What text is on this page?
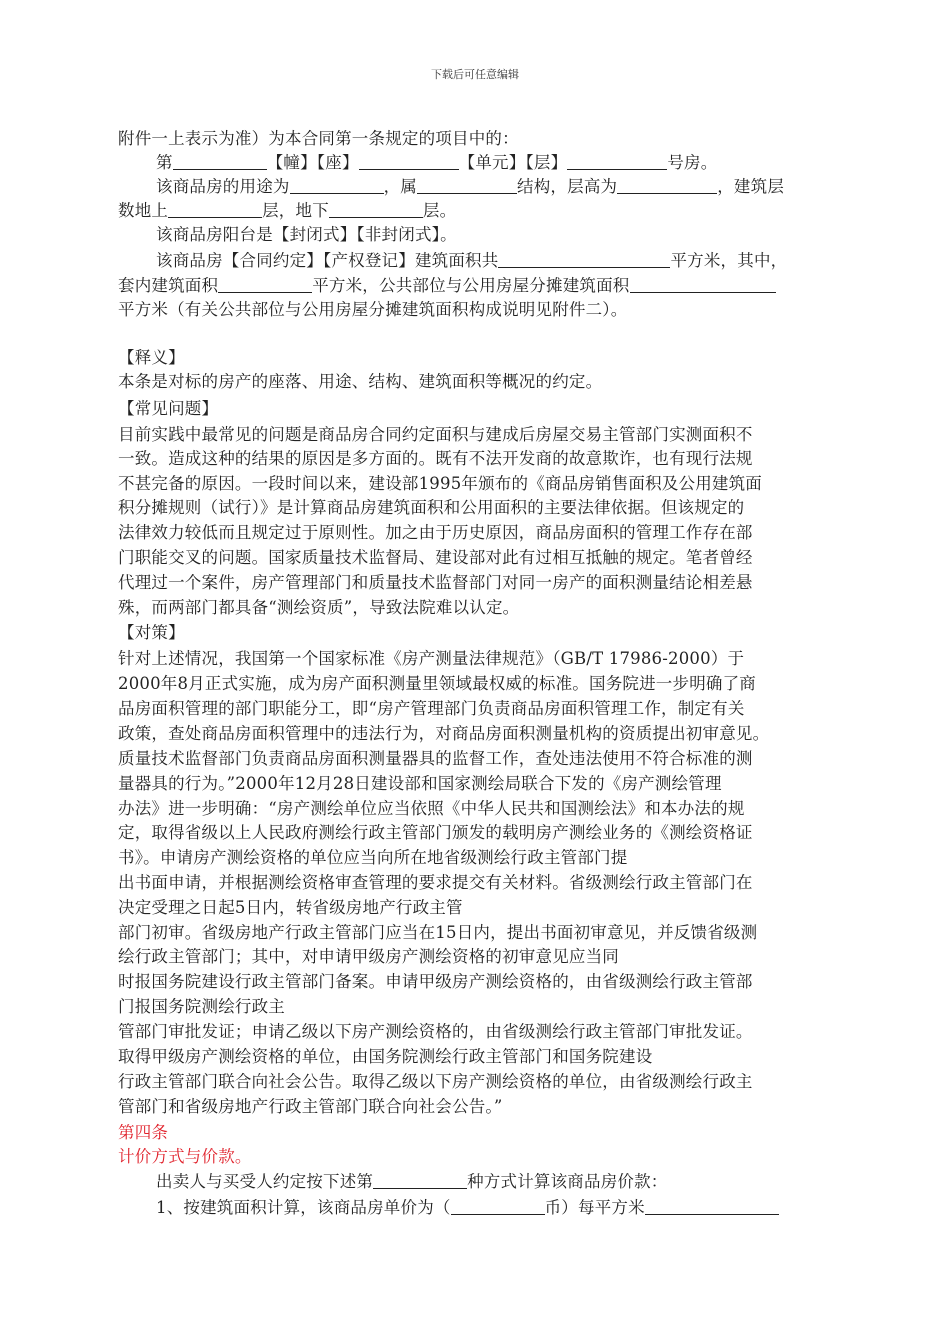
下载后可任意编辑
附件一上表示为准）为本合同第一条规定的项目中的：
第	【幢】【座】	【单元】【层】	号房。
该商品房的用途为	，属	结构，层高为	，建筑层
数地上	层，地下	层。
该商品房阳台是【封闭式】【非封闭式】。
该商品房【合同约定】【产权登记】建筑面积共	平方米，其中，
套内建筑面积	平方米，公共部位与公用房屋分摊建筑面积
平方米（有关公共部位与公用房屋分摊建筑面积构成说明见附件二）。
【释义】
本条是对标的房产的座落、用途、结构、建筑面积等概况的约定。
【常见问题】
目前实践中最常见的问题是商品房合同约定面积与建成后房屋交易主管部门实测面积不
一致。造成这种的结果的原因是多方面的。既有不法开发商的故意欺诈，也有现行法规
不甚完备的原因。一段时间以来，建设部1995年颁布的《商品房销售面积及公用建筑面
积分摊规则（试行）》是计算商品房建筑面积和公用面积的主要法律依据。但该规定的
法律效力较低而且规定过于原则性。加之由于历史原因，商品房面积的管理工作存在部
门职能交叉的问题。国家质量技术监督局、建设部对此有过相互抵触的规定。笔者曾经
代理过一个案件，房产管理部门和质量技术监督部门对同一房产的面积测量结论相差悬
殊，而两部门都具备“测绘资质”，导致法院难以认定。
【对策】
针对上述情况，我国第一个国家标准《房产测量法律规范》（GB/T 17986-2000）于
2000年8月正式实施，成为房产面积测量里领域最权威的标准。国务院进一步明确了商
品房面积管理的部门职能分工，即“房产管理部门负责商品房面积管理工作，制定有关
政策，查处商品房面积管理中的违法行为，对商品房面积测量机构的资质提出初审意见。
质量技术监督部门负责商品房面积测量器具的监督工作，查处违法使用不符合标准的测
量器具的行为。”2000年12月28日建设部和国家测绘局联合下发的《房产测绘管理
办法》进一步明确：“房产测绘单位应当依照《中华人民共和国测绘法》和本办法的规
定，取得省级以上人民政府测绘行政主管部门颁发的载明房产测绘业务的《测绘资格证
书》。申请房产测绘资格的单位应当向所在地省级测绘行政主管部门提
出书面申请，并根据测绘资格审查管理的要求提交有关材料。省级测绘行政主管部门在
决定受理之日起5日内，转省级房地产行政主管
部门初审。省级房地产行政主管部门应当在15日内，提出书面初审意见，并反馈省级测
绘行政主管部门；其中，对申请甲级房产测绘资格的初审意见应当同
时报国务院建设行政主管部门备案。申请甲级房产测绘资格的，由省级测绘行政主管部
门报国务院测绘行政主
管部门审批发证；申请乙级以下房产测绘资格的，由省级测绘行政主管部门审批发证。
取得甲级房产测绘资格的单位，由国务院测绘行政主管部门和国务院建设
行政主管部门联合向社会公告。取得乙级以下房产测绘资格的单位，由省级测绘行政主
管部门和省级房地产行政主管部门联合向社会公告。”
第四条
计价方式与价款。
出卖人与买受人约定按下述第	种方式计算该商品房价款：
1、按建筑面积计算，该商品房单价为（	币）每平方米
